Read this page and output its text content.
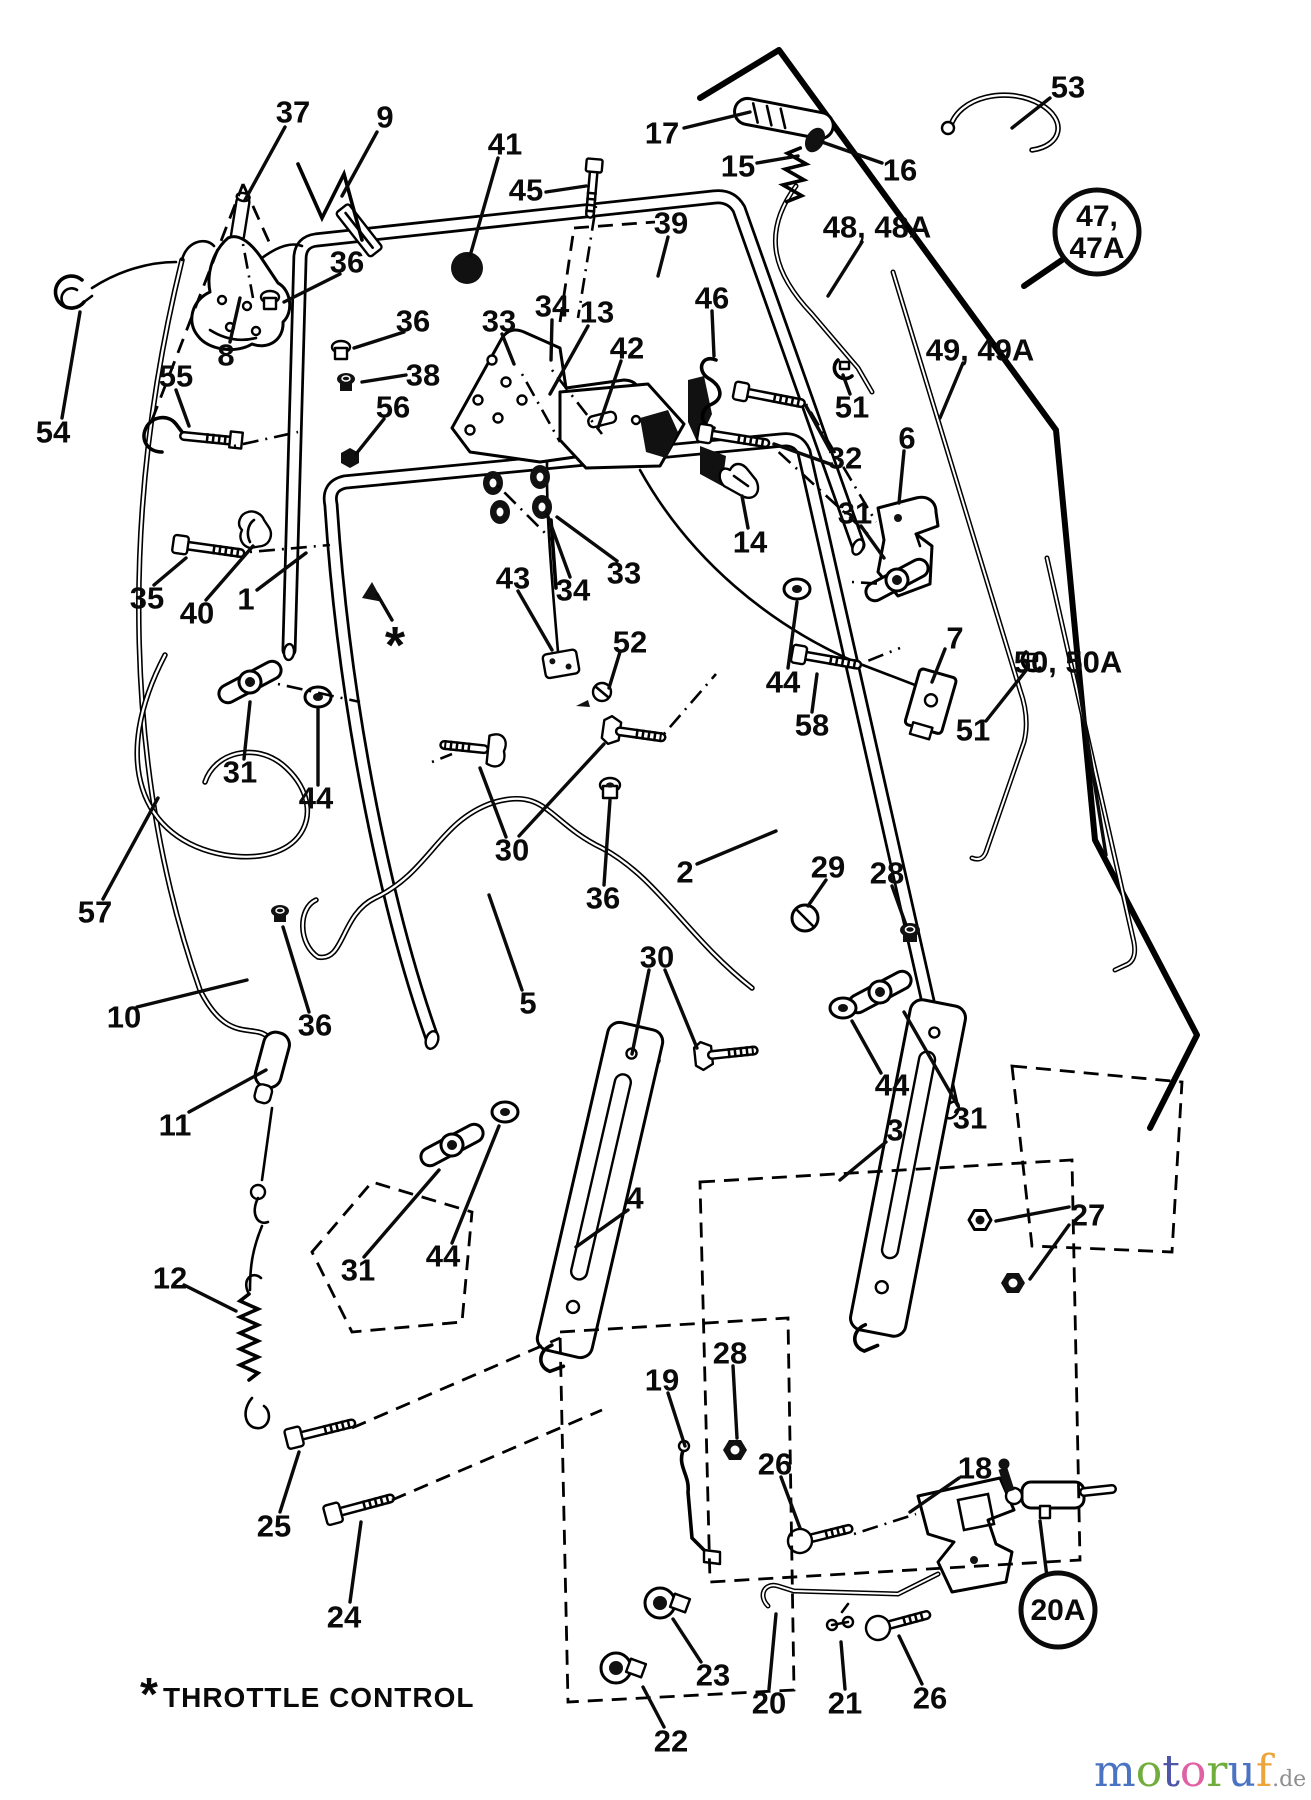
37 9
41
45
17
15	16
53
39	48, 48A
36
8
36
38
33 34 13
42
46
55
56
54
51
49, 49A
32
6
31
35 40 1
14
43 34 33
52	7
58
44
50, 50A
51
*
31
44
57
10	36
11
30
36
2	29 28
30
5
12	31 44
4
3 31
44
27
25
24
19
28
26	18
23
22
20 21 26
47, 47A
20A
* THROTTLE CONTROL
motoruf.de
